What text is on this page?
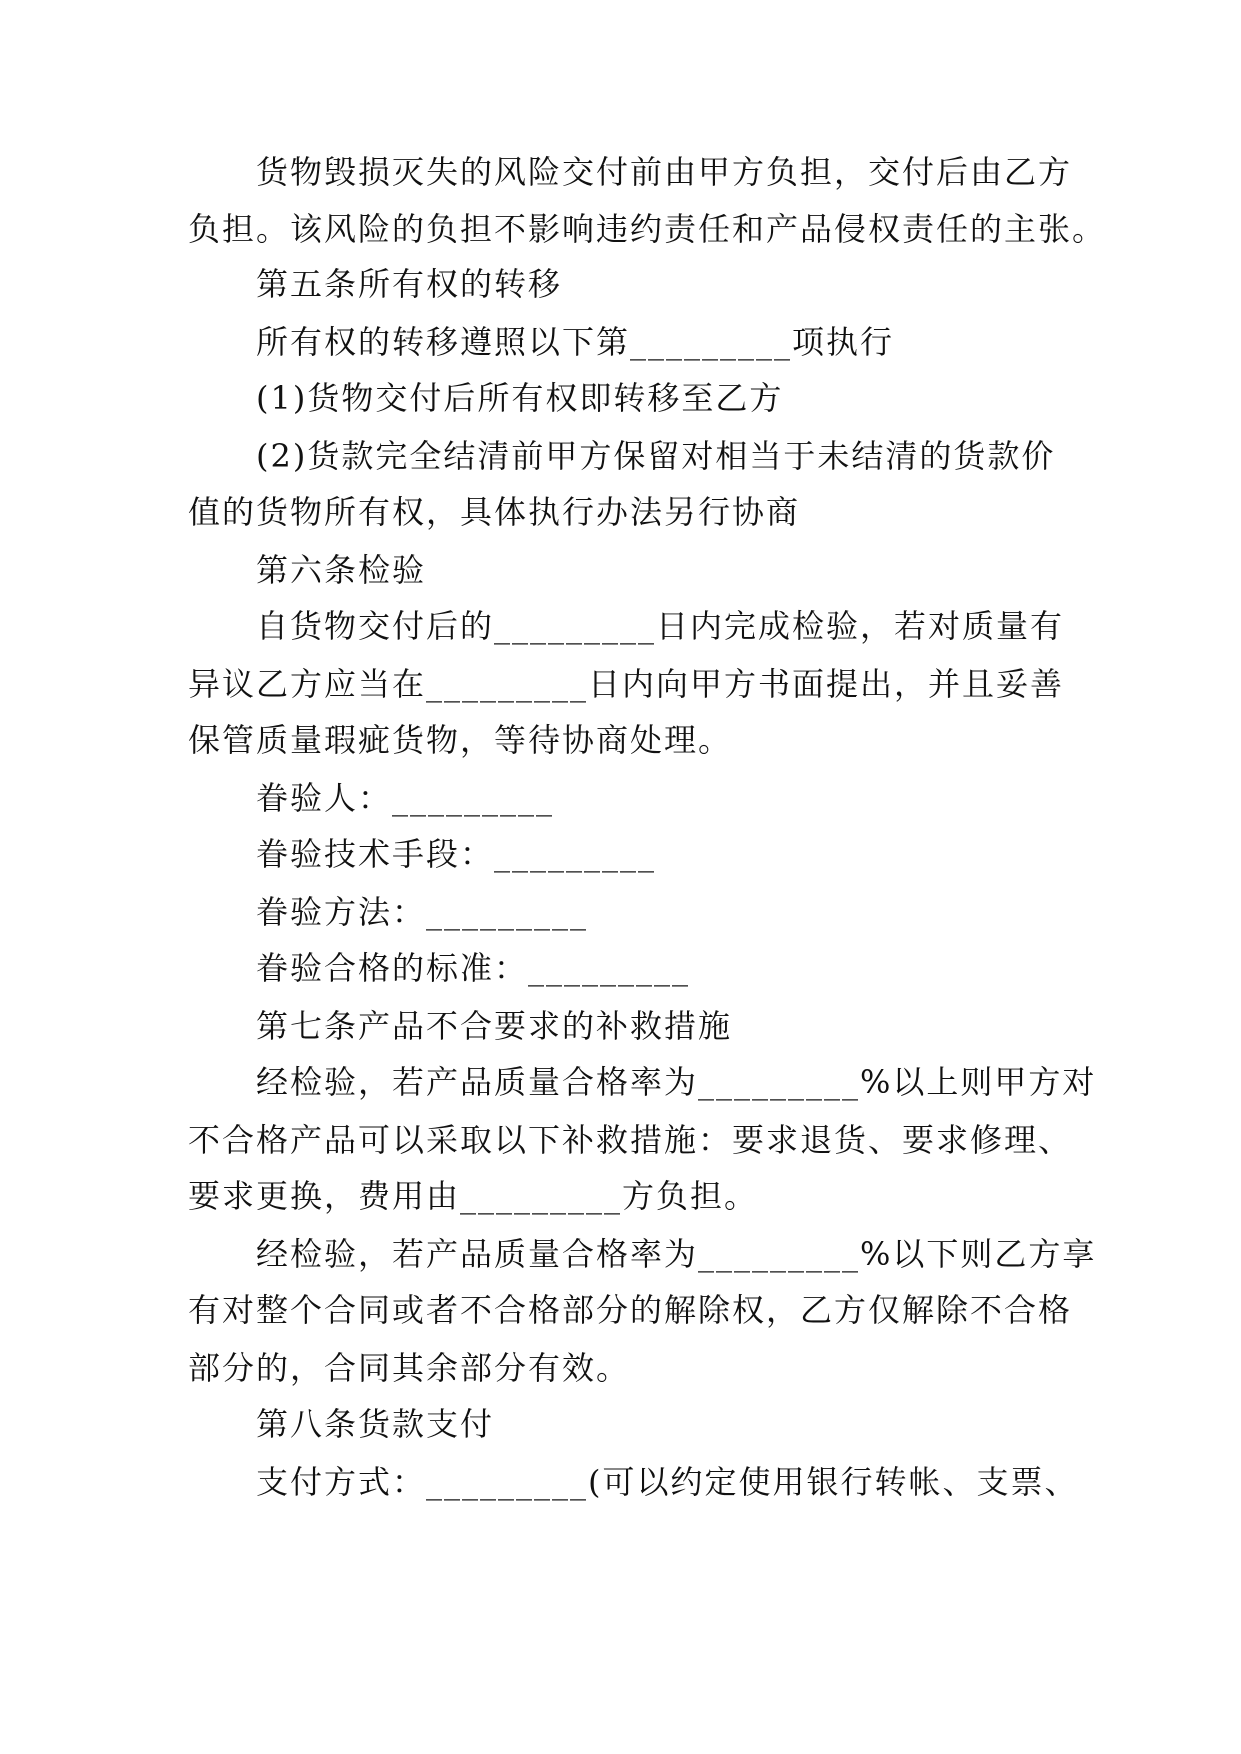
货物毁损灭失的风险交付前由甲方负担，交付后由乙方
负担。该风险的负担不影响违约责任和产品侵权责任的主张。
第五条所有权的转移
所有权的转移遵照以下第_________项执行
(1)货物交付后所有权即转移至乙方
(2)货款完全结清前甲方保留对相当于未结清的货款价
值的货物所有权，具体执行办法另行协商
第六条检验
自货物交付后的_________日内完成检验，若对质量有
异议乙方应当在_________日内向甲方书面提出，并且妥善
保管质量瑕疵货物，等待协商处理。
眷验人：_________
眷验技术手段：_________
眷验方法：_________
眷验合格的标准：_________
第七条产品不合要求的补救措施
经检验，若产品质量合格率为_________%以上则甲方对
不合格产品可以采取以下补救措施：要求退货、要求修理、
要求更换，费用由_________方负担。
经检验，若产品质量合格率为_________%以下则乙方享
有对整个合同或者不合格部分的解除权，乙方仅解除不合格
部分的，合同其余部分有效。
第八条货款支付
支付方式：_________(可以约定使用银行转帐、支票、
